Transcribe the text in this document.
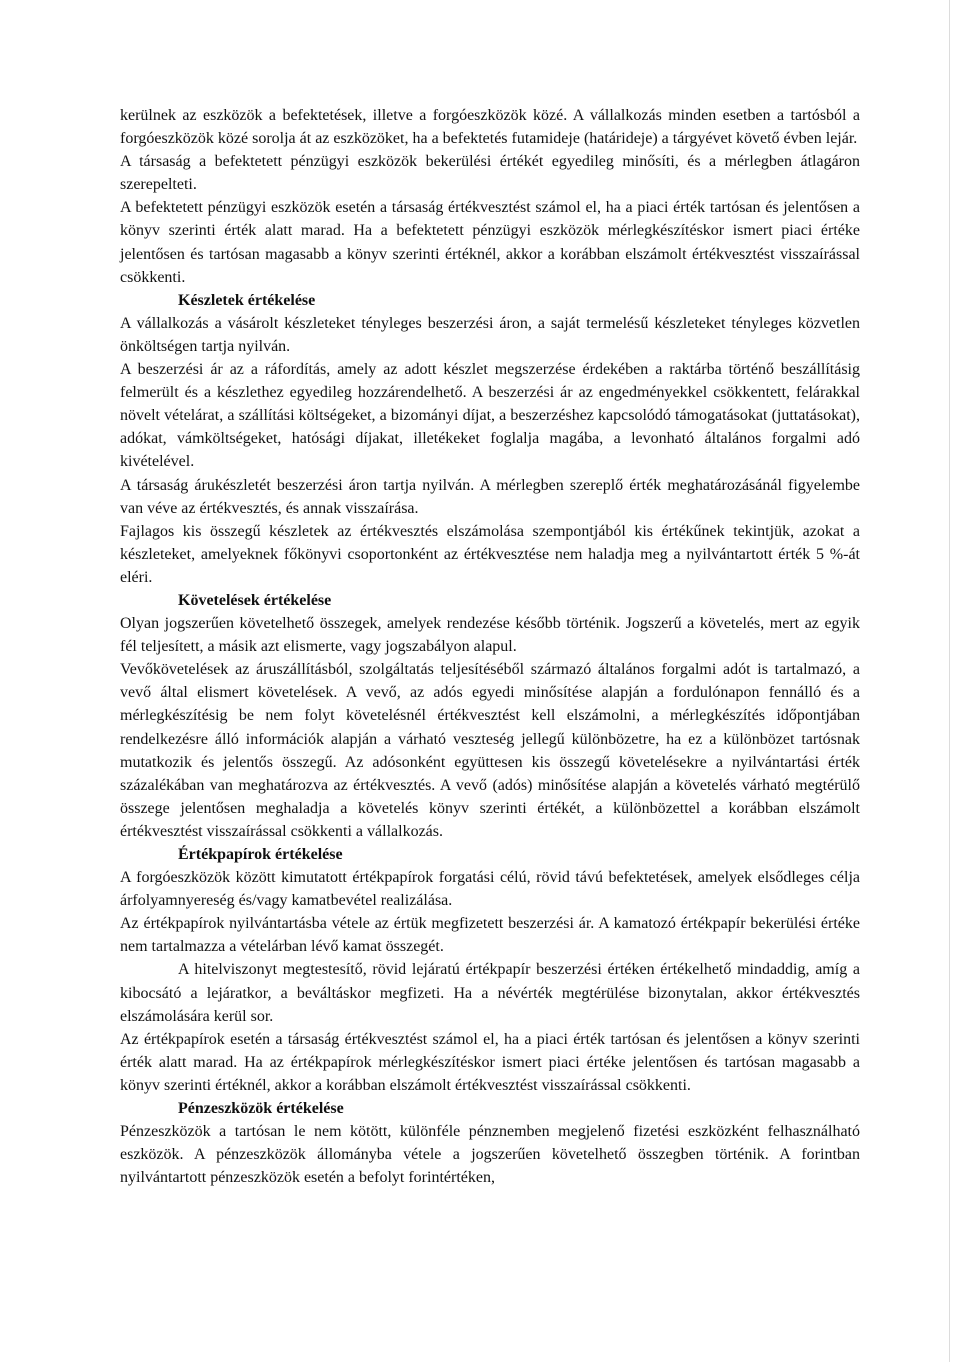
kerülnek az eszközök a befektetések, illetve a forgóeszközök közé. A vállalkozás minden esetben a tartósból a forgóeszközök közé sorolja át az eszközöket, ha a befektetés futamideje (határideje) a tárgyévet követő évben lejár.

A társaság a befektetett pénzügyi eszközök bekerülési értékét egyedileg minősíti, és a mérlegben átlagáron szerepelteti.

A befektetett pénzügyi eszközök esetén a társaság értékvesztést számol el, ha a piaci érték tartósan és jelentősen a könyv szerinti érték alatt marad. Ha a befektetett pénzügyi eszközök mérlegkészítéskor ismert piaci értéke jelentősen és tartósan magasabb a könyv szerinti értéknél, akkor a korábban elszámolt értékvesztést visszaírással csökkenti.

Készletek értékelése

A vállalkozás a vásárolt készleteket tényleges beszerzési áron, a saját termelésű készleteket tényleges közvetlen önköltségen tartja nyilván.

A beszerzési ár az a ráfordítás, amely az adott készlet megszerzése érdekében a raktárba történő beszállításig felmerült és a készlethez egyedileg hozzárendelhető. A beszerzési ár az engedményekkel csökkentett, felárakkal növelt vételárat, a szállítási költségeket, a bizományi díjat, a beszerzéshez kapcsolódó támogatásokat (juttatásokat), adókat, vámköltségeket, hatósági díjakat, illetékeket foglalja magába, a levonható általános forgalmi adó kivételével.

A társaság árukészletét beszerzési áron tartja nyilván. A mérlegben szereplő érték meghatározásánál figyelembe van véve az értékvesztés, és annak visszaírása.

Fajlagos kis összegű készletek az értékvesztés elszámolása szempontjából kis értékűnek tekintjük, azokat a készleteket, amelyeknek főkönyvi csoportonként az értékvesztése nem haladja meg a nyilvántartott érték 5 %-át eléri.

Követelések értékelése

Olyan jogszerűen követelhető összegek, amelyek rendezése később történik. Jogszerű a követelés, mert az egyik fél teljesített, a másik azt elismerte, vagy jogszabályon alapul.

Vevőkövetelések az áruszállításból, szolgáltatás teljesítéséből származó általános forgalmi adót is tartalmazó, a vevő által elismert követelések. A vevő, az adós egyedi minősítése alapján a fordulónapon fennálló és a mérlegkészítésig be nem folyt követelésnél értékvesztést kell elszámolni, a mérlegkészítés időpontjában rendelkezésre álló információk alapján a várható veszteség jellegű különbözetre, ha ez a különbözet tartósnak mutatkozik és jelentős összegű. Az adósonként együttesen kis összegű követelésekre a nyilvántartási érték százalékában van meghatározva az értékvesztés. A vevő (adós) minősítése alapján a követelés várható megtérülő összege jelentősen meghaladja a követelés könyv szerinti értékét, a különbözettel a korábban elszámolt értékvesztést visszaírással csökkenti a vállalkozás.

Értékpapírok értékelése

A forgóeszközök között kimutatott értékpapírok forgatási célú, rövid távú befektetések, amelyek elsődleges célja árfolyamnyereség és/vagy kamatbevétel realizálása.

Az értékpapírok nyilvántartásba vétele az értük megfizetett beszerzési ár. A kamatozó értékpapír bekerülési értéke nem tartalmazza a vételárban lévő kamat összegét.

A hitelviszonyt megtestesítő, rövid lejáratú értékpapír beszerzési értéken értékelhető mindaddig, amíg a kibocsátó a lejáratkor, a beváltáskor megfizeti. Ha a névérték megtérülése bizonytalan, akkor értékvesztés elszámolására kerül sor.

Az értékpapírok esetén a társaság értékvesztést számol el, ha a piaci érték tartósan és jelentősen a könyv szerinti érték alatt marad. Ha az értékpapírok mérlegkészítéskor ismert piaci értéke jelentősen és tartósan magasabb a könyv szerinti értéknél, akkor a korábban elszámolt értékvesztést visszaírással csökkenti.

Pénzeszközök értékelése

Pénzeszközök a tartósan le nem kötött, különféle pénznemben megjelenő fizetési eszközként felhasználható eszközök. A pénzeszközök állományba vétele a jogszerűen követelhető összegben történik. A forintban nyilvántartott pénzeszközök esetén a befolyt forintértéken,
